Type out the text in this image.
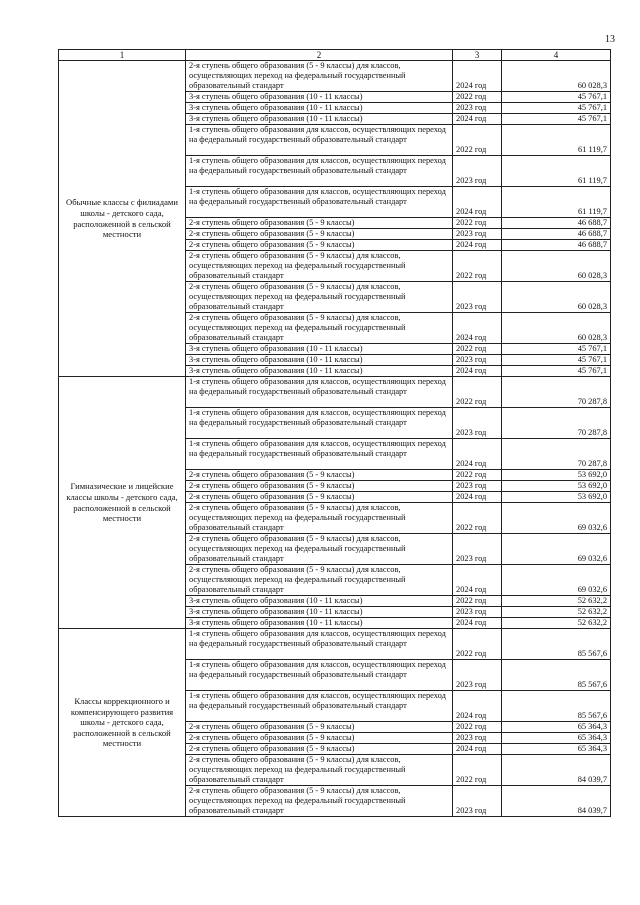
13
1	2	3	4
Обычные классы с филиадами школы - детского сада, расположенной в сельской местности	2-я ступень общего образования (5 - 9 классы) для классов, осуществляющих переход на федеральный государственный образовательный стандарт	2024 год	60 028,3
	3-я ступень общего образования (10 - 11 классы)	2022 год	45 767,1
	3-я ступень общего образования (10 - 11 классы)	2023 год	45 767,1
	3-я ступень общего образования (10 - 11 классы)	2024 год	45 767,1
	1-я ступень общего образования для классов, осуществляющих переход на федеральный государственный образовательный стандарт	2022 год	61 119,7
	1-я ступень общего образования для классов, осуществляющих переход на федеральный государственный образовательный стандарт	2023 год	61 119,7
	1-я ступень общего образования для классов, осуществляющих переход на федеральный государственный образовательный стандарт	2024 год	61 119,7
	2-я ступень общего образования (5 - 9 классы)	2022 год	46 688,7
	2-я ступень общего образования (5 - 9 классы)	2023 год	46 688,7
	2-я ступень общего образования (5 - 9 классы)	2024 год	46 688,7
	2-я ступень общего образования (5 - 9 классы) для классов, осуществляющих переход на федеральный государственный образовательный стандарт	2022 год	60 028,3
	2-я ступень общего образования (5 - 9 классы) для классов, осуществляющих переход на федеральный государственный образовательный стандарт	2023 год	60 028,3
	2-я ступень общего образования (5 - 9 классы) для классов, осуществляющих переход на федеральный государственный образовательный стандарт	2024 год	60 028,3
	3-я ступень общего образования (10 - 11 классы)	2022 год	45 767,1
	3-я ступень общего образования (10 - 11 классы)	2023 год	45 767,1
	3-я ступень общего образования (10 - 11 классы)	2024 год	45 767,1
Гимназические и лицейские классы школы - детского сада, расположенной в сельской местности	1-я ступень общего образования для классов, осуществляющих переход на федеральный государственный образовательный стандарт	2022 год	70 287,8
	1-я ступень общего образования для классов, осуществляющих переход на федеральный государственный образовательный стандарт	2023 год	70 287,8
	1-я ступень общего образования для классов, осуществляющих переход на федеральный государственный образовательный стандарт	2024 год	70 287,8
	2-я ступень общего образования (5 - 9 классы)	2022 год	53 692,0
	2-я ступень общего образования (5 - 9 классы)	2023 год	53 692,0
	2-я ступень общего образования (5 - 9 классы)	2024 год	53 692,0
	2-я ступень общего образования (5 - 9 классы) для классов, осуществляющих переход на федеральный государственный образовательный стандарт	2022 год	69 032,6
	2-я ступень общего образования (5 - 9 классы) для классов, осуществляющих переход на федеральный государственный образовательный стандарт	2023 год	69 032,6
	2-я ступень общего образования (5 - 9 классы) для классов, осуществляющих переход на федеральный государственный образовательный стандарт	2024 год	69 032,6
	3-я ступень общего образования (10 - 11 классы)	2022 год	52 632,2
	3-я ступень общего образования (10 - 11 классы)	2023 год	52 632,2
	3-я ступень общего образования (10 - 11 классы)	2024 год	52 632,2
Классы коррекционного и компенсирующего развития школы - детского сада, расположенной в сельской местности	1-я ступень общего образования для классов, осуществляющих переход на федеральный государственный образовательный стандарт	2022 год	85 567,6
	1-я ступень общего образования для классов, осуществляющих переход на федеральный государственный образовательный стандарт	2023 год	85 567,6
	1-я ступень общего образования для классов, осуществляющих переход на федеральный государственный образовательный стандарт	2024 год	85 567,6
	2-я ступень общего образования (5 - 9 классы)	2022 год	65 364,3
	2-я ступень общего образования (5 - 9 классы)	2023 год	65 364,3
	2-я ступень общего образования (5 - 9 классы)	2024 год	65 364,3
	2-я ступень общего образования (5 - 9 классы) для классов, осуществляющих переход на федеральный государственный образовательный стандарт	2022 год	84 039,7
	2-я ступень общего образования (5 - 9 классы) для классов, осуществляющих переход на федеральный государственный образовательный стандарт	2023 год	84 039,7
